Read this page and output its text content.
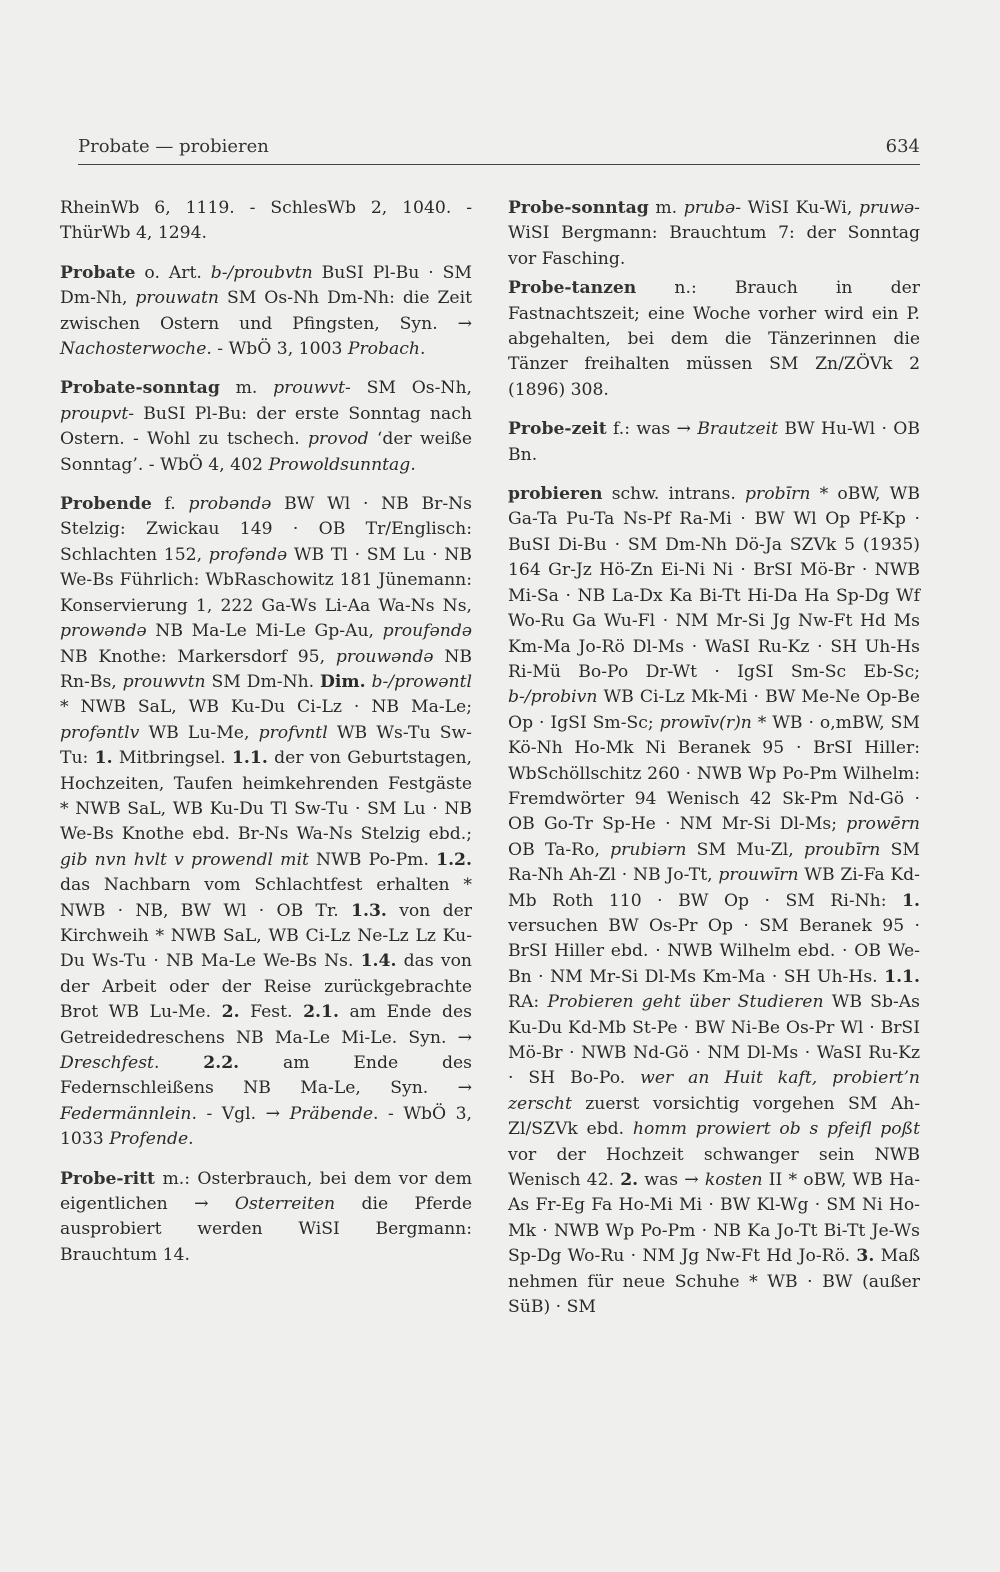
Probate — probieren	634

RheinWb 6, 1119. - SchlesWb 2, 1040. - ThürWb 4, 1294.

Probate o. Art. b-/proubvtn BuSI Pl-Bu · SM Dm-Nh, prouwatn SM Os-Nh Dm-Nh: die Zeit zwischen Ostern und Pfingsten, Syn. → Nachosterwoche. - WbÖ 3, 1003 Probach.

Probate-sonntag m. prouwvt- SM Os-Nh, proupvt- BuSI Pl-Bu: der erste Sonntag nach Ostern. - Wohl zu tschech. provod ‘der weiße Sonntag’. - WbÖ 4, 402 Prowoldsunntag.

Probende f. probəndə BW Wl · NB Br-Ns Stelzig: Zwickau 149 · OB Tr/Englisch: Schlachten 152, profəndə WB Tl · SM Lu · NB We-Bs Führlich: WbRaschowitz 181 Jünemann: Konservierung 1, 222 Ga-Ws Li-Aa Wa-Ns Ns, prowəndə NB Ma-Le Mi-Le Gp-Au, proufəndə NB Knothe: Markersdorf 95, prouwəndə NB Rn-Bs, prouwvtn SM Dm-Nh. Dim. b-/prowəntl * NWB SaL, WB Ku-Du Ci-Lz · NB Ma-Le; profəntlv WB Lu-Me, profvntl WB Ws-Tu Sw-Tu: 1. Mitbringsel. 1.1. der von Geburtstagen, Hochzeiten, Taufen heimkehrenden Festgäste * NWB SaL, WB Ku-Du Tl Sw-Tu · SM Lu · NB We-Bs Knothe ebd. Br-Ns Wa-Ns Stelzig ebd.; gib nvn hvlt v prowendl mit NWB Po-Pm. 1.2. das Nachbarn vom Schlachtfest erhalten * NWB · NB, BW Wl · OB Tr. 1.3. von der Kirchweih * NWB SaL, WB Ci-Lz Ne-Lz Lz Ku-Du Ws-Tu · NB Ma-Le We-Bs Ns. 1.4. das von der Arbeit oder der Reise zurückgebrachte Brot WB Lu-Me. 2. Fest. 2.1. am Ende des Getreidedreschens NB Ma-Le Mi-Le. Syn. → Dreschfest. 2.2. am Ende des Federnschleißens NB Ma-Le, Syn. → Federmännlein. - Vgl. → Präbende. - WbÖ 3, 1033 Profende.

Probe-ritt m.: Osterbrauch, bei dem vor dem eigentlichen → Osterreiten die Pferde ausprobiert werden WiSI Bergmann: Brauchtum 14.

Probe-sonntag m. prubə- WiSI Ku-Wi, pruwə- WiSI Bergmann: Brauchtum 7: der Sonntag vor Fasching.

Probe-tanzen n.: Brauch in der Fastnachtszeit; eine Woche vorher wird ein P. abgehalten, bei dem die Tänzerinnen die Tänzer freihalten müssen SM Zn/ZÖVk 2 (1896) 308.

Probe-zeit f.: was → Brautzeit BW Hu-Wl · OB Bn.

probieren schw. intrans. probīrn * oBW, WB Ga-Ta Pu-Ta Ns-Pf Ra-Mi · BW Wl Op Pf-Kp · BuSI Di-Bu · SM Dm-Nh Dö-Ja SZVk 5 (1935) 164 Gr-Jz Hö-Zn Ei-Ni Ni · BrSI Mö-Br · NWB Mi-Sa · NB La-Dx Ka Bi-Tt Hi-Da Ha Sp-Dg Wf Wo-Ru Ga Wu-Fl · NM Mr-Si Jg Nw-Ft Hd Ms Km-Ma Jo-Rö Dl-Ms · WaSI Ru-Kz · SH Uh-Hs Ri-Mü Bo-Po Dr-Wt · IgSI Sm-Sc Eb-Sc; b-/probivn WB Ci-Lz Mk-Mi · BW Me-Ne Op-Be Op · IgSI Sm-Sc; prowīv(r)n * WB · o,mBW, SM Kö-Nh Ho-Mk Ni Beranek 95 · BrSI Hiller: WbSchöllschitz 260 · NWB Wp Po-Pm Wilhelm: Fremdwörter 94 Wenisch 42 Sk-Pm Nd-Gö · OB Go-Tr Sp-He · NM Mr-Si Dl-Ms; prowērn OB Ta-Ro, prubiərn SM Mu-Zl, proubīrn SM Ra-Nh Ah-Zl · NB Jo-Tt, prouwīrn WB Zi-Fa Kd-Mb Roth 110 · BW Op · SM Ri-Nh: 1. versuchen BW Os-Pr Op · SM Beranek 95 · BrSI Hiller ebd. · NWB Wilhelm ebd. · OB We-Bn · NM Mr-Si Dl-Ms Km-Ma · SH Uh-Hs. 1.1. RA: Probieren geht über Studieren WB Sb-As Ku-Du Kd-Mb St-Pe · BW Ni-Be Os-Pr Wl · BrSI Mö-Br · NWB Nd-Gö · NM Dl-Ms · WaSI Ru-Kz · SH Bo-Po. wer an Huit kaft, probiert’n zerscht zuerst vorsichtig vorgehen SM Ah-Zl/SZVk ebd. homm prowiert ob s pfeifl poßt vor der Hochzeit schwanger sein NWB Wenisch 42. 2. was → kosten II * oBW, WB Ha-As Fr-Eg Fa Ho-Mi Mi · BW Kl-Wg · SM Ni Ho-Mk · NWB Wp Po-Pm · NB Ka Jo-Tt Bi-Tt Je-Ws Sp-Dg Wo-Ru · NM Jg Nw-Ft Hd Jo-Rö. 3. Maß nehmen für neue Schuhe * WB · BW (außer SüB) · SM
